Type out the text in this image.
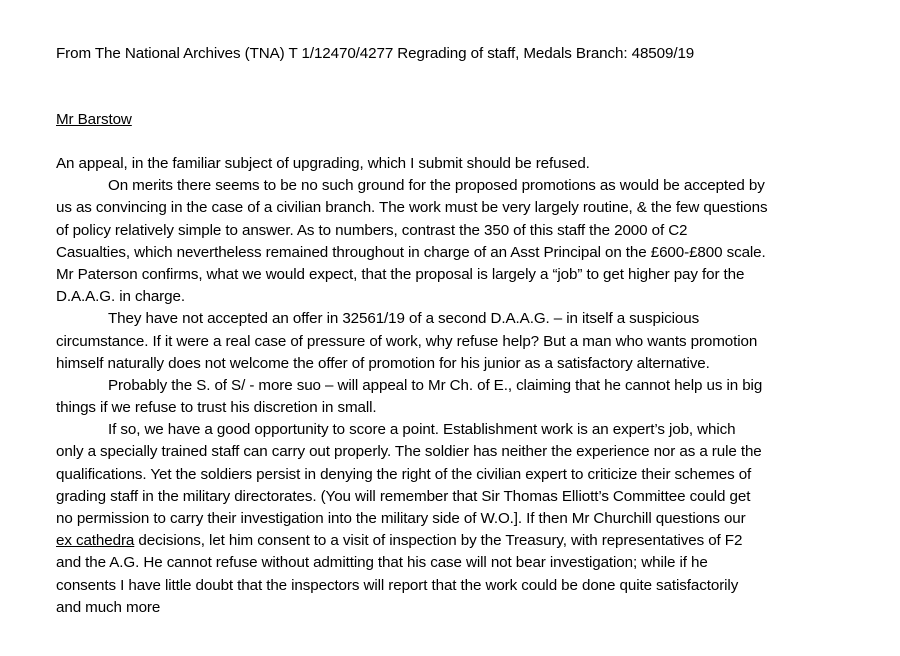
From The National Archives (TNA) T 1/12470/4277 Regrading of staff, Medals Branch: 48509/19
Mr Barstow
An appeal, in the familiar subject of upgrading, which I submit should be refused.
On merits there seems to be no such ground for the proposed promotions as would be accepted by
us as convincing in the case of a civilian branch. The work must be very largely routine, & the few questions
of policy relatively simple to answer. As to numbers, contrast the 350 of this staff the 2000 of C2
Casualties, which nevertheless remained throughout in charge of an Asst Principal on the £600-£800 scale.
Mr Paterson confirms, what we would expect, that the proposal is largely a “job” to get higher pay for the
D.A.A.G. in charge.
They have not accepted an offer in 32561/19 of a second D.A.A.G. – in itself a suspicious
circumstance. If it were a real case of pressure of work, why refuse help? But a man who wants promotion
himself naturally does not welcome the offer of promotion for his junior as a satisfactory alternative.
Probably the S. of S/ - more suo – will appeal to Mr Ch. of E., claiming that he cannot help us in big
things if we refuse to trust his discretion in small.
If so, we have a good opportunity to score a point. Establishment work is an expert’s job, which
only a specially trained staff can carry out properly. The soldier has neither the experience nor as a rule the
qualifications. Yet the soldiers persist in denying the right of the civilian expert to criticize their schemes of
grading staff in the military directorates. (You will remember that Sir Thomas Elliott’s Committee could get
no permission to carry their investigation into the military side of W.O.]. If then Mr Churchill questions our
ex cathedra decisions, let him consent to a visit of inspection by the Treasury, with representatives of F2
and the A.G. He cannot refuse without admitting that his case will not bear investigation; while if he
consents I have little doubt that the inspectors will report that the work could be done quite satisfactorily
and much more
